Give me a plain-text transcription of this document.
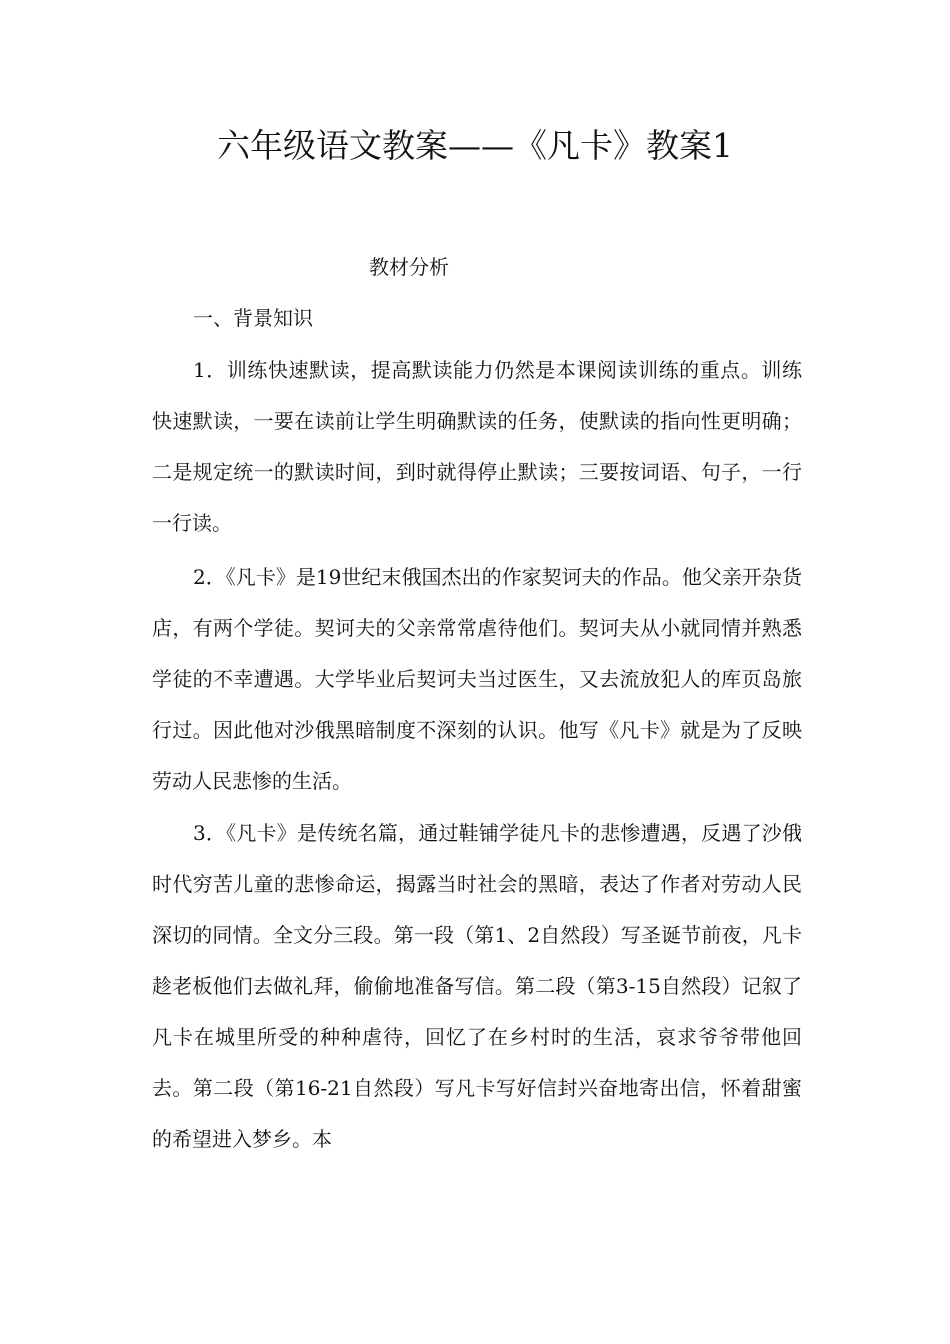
六年级语文教案——《凡卡》教案1
教材分析
一、背景知识

1．训练快速默读，提高默读能力仍然是本课阅读训练的重点。训练快速默读，一要在读前让学生明确默读的任务，使默读的指向性更明确；二是规定统一的默读时间，到时就得停止默读；三要按词语、句子，一行一行读。

2．《凡卡》是19世纪末俄国杰出的作家契诃夫的作品。他父亲开杂货店，有两个学徒。契诃夫的父亲常常虐待他们。契诃夫从小就同情并熟悉学徒的不幸遭遇。大学毕业后契诃夫当过医生，又去流放犯人的库页岛旅行过。因此他对沙俄黑暗制度不深刻的认识。他写《凡卡》就是为了反映劳动人民悲惨的生活。

3．《凡卡》是传统名篇，通过鞋铺学徒凡卡的悲惨遭遇，反遇了沙俄时代穷苦儿童的悲惨命运，揭露当时社会的黑暗，表达了作者对劳动人民深切的同情。全文分三段。第一段（第1、2自然段）写圣诞节前夜，凡卡趁老板他们去做礼拜，偷偷地准备写信。第二段（第3-15自然段）记叙了凡卡在城里所受的种种虐待，回忆了在乡村时的生活，哀求爷爷带他回去。第二段（第16-21自然段）写凡卡写好信封兴奋地寄出信，怀着甜蜜的希望进入梦乡。本
